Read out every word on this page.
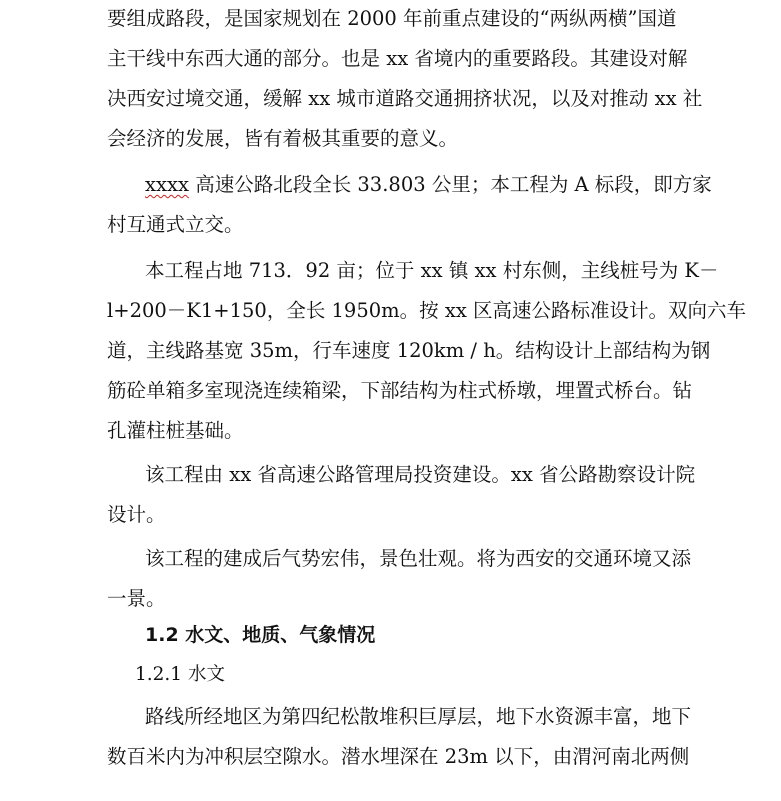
要组成路段，是国家规划在 2000 年前重点建设的“两纵两横”国道
主干线中东西大通的部分。也是 xx 省境内的重要路段。其建设对解
决西安过境交通，缓解 xx 城市道路交通拥挤状况，以及对推动 xx 社
会经济的发展，皆有着极其重要的意义。
xxxx 高速公路北段全长 33.803 公里；本工程为 A 标段，即方家
村互通式立交。
本工程占地 713．92 亩；位于 xx 镇 xx 村东侧，主线桩号为 K－
l+200－K1+150，全长 1950m。按 xx 区高速公路标准设计。双向六车
道，主线路基宽 35m，行车速度 120km / h。结构设计上部结构为钢
筋砼单箱多室现浇连续箱梁，下部结构为柱式桥墩，埋置式桥台。钻
孔灌柱桩基础。
该工程由 xx 省高速公路管理局投资建设。xx 省公路勘察设计院
设计。
该工程的建成后气势宏伟，景色壮观。将为西安的交通环境又添
一景。
1.2 水文、地质、气象情况
1.2.1 水文
路线所经地区为第四纪松散堆积巨厚层，地下水资源丰富，地下
数百米内为冲积层空隙水。潜水埋深在 23m 以下，由渭河南北两侧
